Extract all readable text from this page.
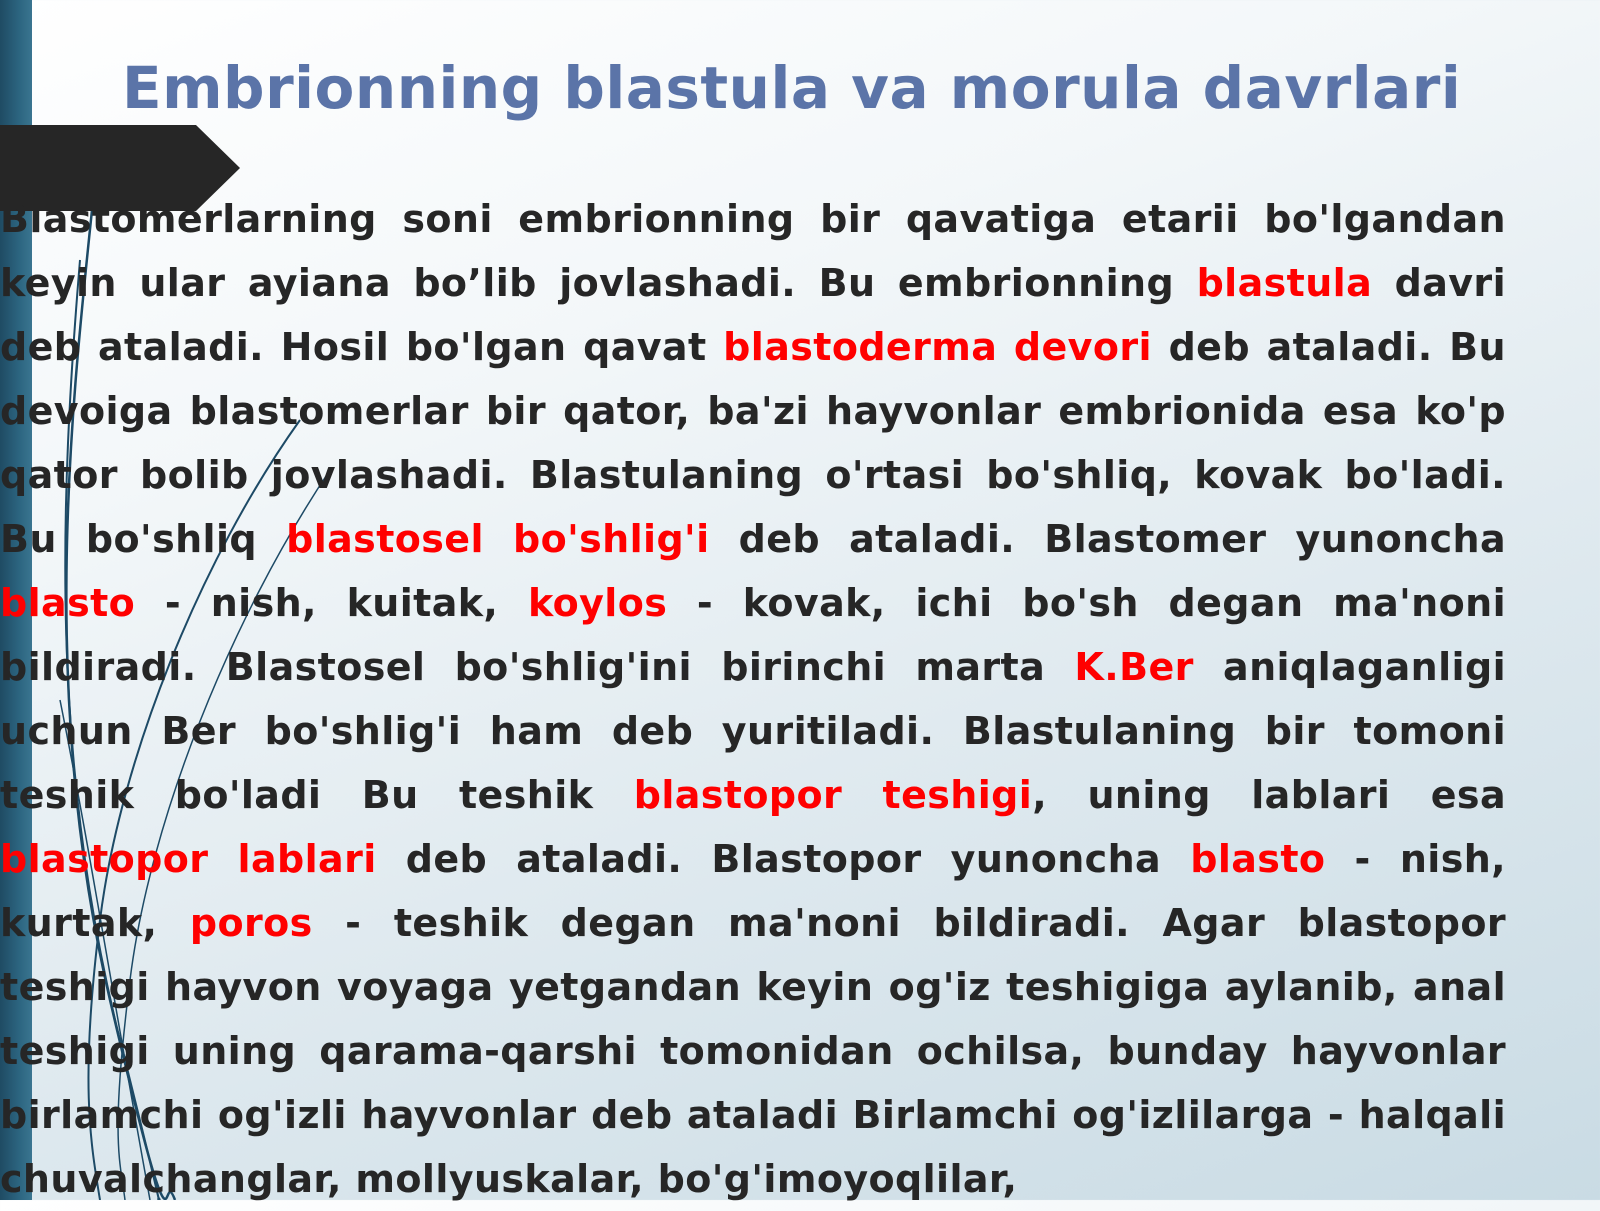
Embrionning blastula va morula davrlari

Blastomerlarning soni embrionning bir qavatiga etarii bo'lgandan keyin ular ayiana bo’lib jovlashadi. Bu embrionning blastula davri deb ataladi. Hosil bo'lgan qavat blastoderma devori deb ataladi. Bu devoiga blastomerlar bir qator, ba'zi hayvonlar embrionida esa ko'p qator bolib jovlashadi. Blastulaning o'rtasi bo'shliq, kovak bo'ladi. Bu bo'shliq blastosel bo'shlig'i deb ataladi. Blastomer yunoncha blasto - nish, kuitak, koylos - kovak, ichi bo'sh degan ma'noni bildiradi. Blastosel bo'shlig'ini birinchi marta K.Ber aniqlaganligi uchun Ber bo'shlig'i ham deb yuritiladi. Blastulaning bir tomoni teshik bo'ladi Bu teshik blastopor teshigi, uning lablari esa blastopor lablari deb ataladi. Blastopor yunoncha blasto - nish, kurtak, poros - teshik degan ma'noni bildiradi. Agar blastopor teshigi hayvon voyaga yetgandan keyin og'iz teshigiga aylanib, anal teshigi uning qarama-qarshi tomonidan ochilsa, bunday hayvonlar birlamchi og'izli hayvonlar deb ataladi Birlamchi og'izlilarga - halqali chuvalchanglar, mollyuskalar, bo'g'imoyoqlilar,
